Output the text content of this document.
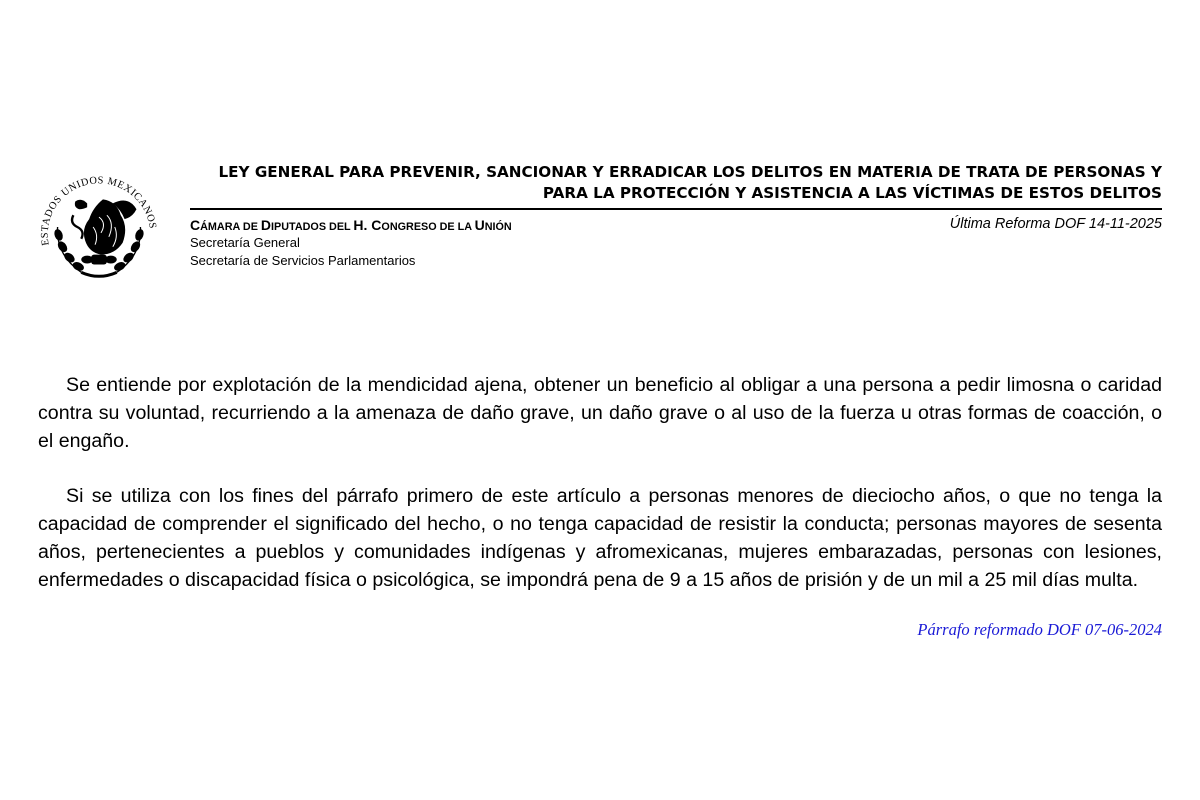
ESTADOS UNIDOS MEXICANOS
LEY GENERAL PARA PREVENIR, SANCIONAR Y ERRADICAR LOS DELITOS EN MATERIA DE TRATA DE PERSONAS Y
PARA LA PROTECCIÓN Y ASISTENCIA A LAS VÍCTIMAS DE ESTOS DELITOS
CÁMARA DE DIPUTADOS DEL H. CONGRESO DE LA UNIÓN
Secretaría General
Secretaría de Servicios Parlamentarios
Última Reforma DOF 14-11-2025

Se entiende por explotación de la mendicidad ajena, obtener un beneficio al obligar a una persona a pedir limosna o caridad contra su voluntad, recurriendo a la amenaza de daño grave, un daño grave o al uso de la fuerza u otras formas de coacción, o el engaño.

Si se utiliza con los fines del párrafo primero de este artículo a personas menores de dieciocho años, o que no tenga la capacidad de comprender el significado del hecho, o no tenga capacidad de resistir la conducta; personas mayores de sesenta años, pertenecientes a pueblos y comunidades indígenas y afromexicanas, mujeres embarazadas, personas con lesiones, enfermedades o discapacidad física o psicológica, se impondrá pena de 9 a 15 años de prisión y de un mil a 25 mil días multa.

Párrafo reformado DOF 07-06-2024
